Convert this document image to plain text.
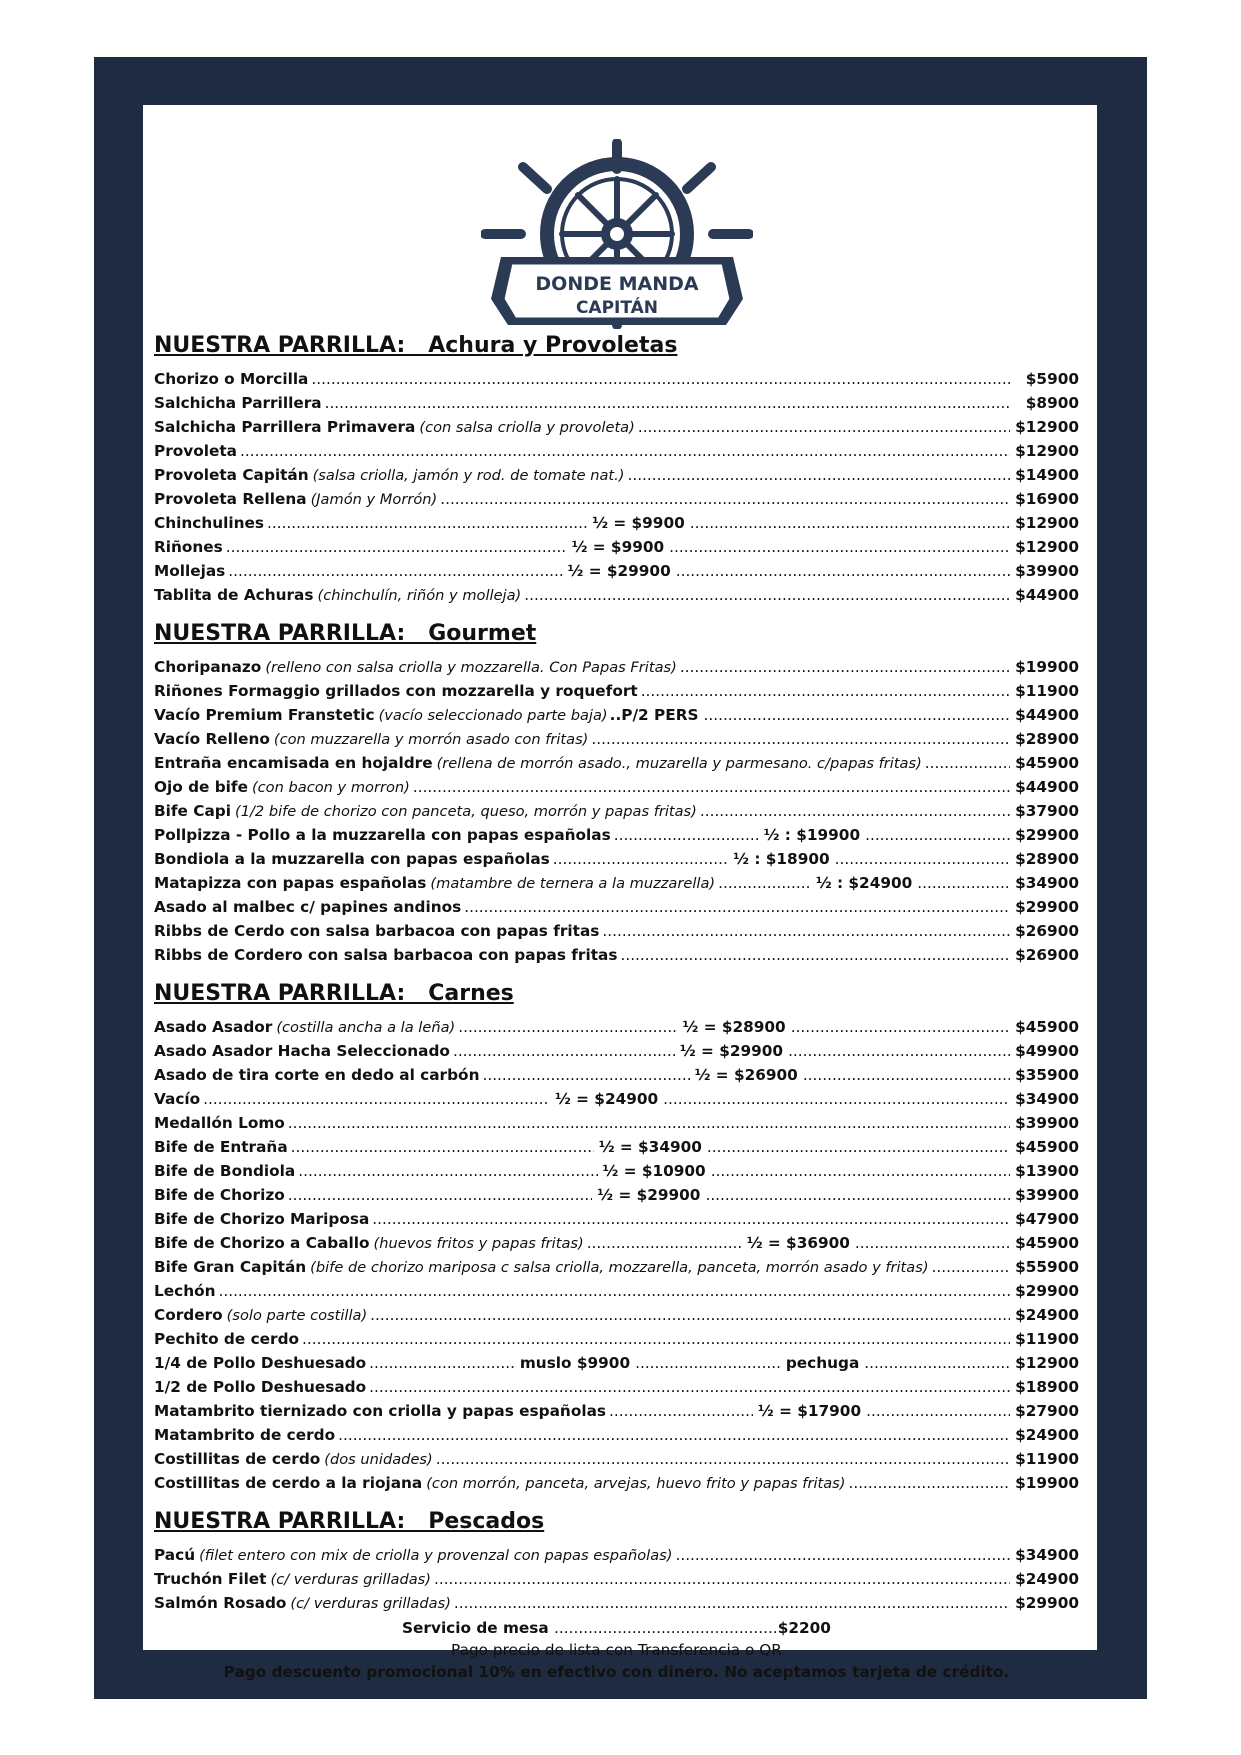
DONDE MANDA
CAPITÁN
NUESTRA PARRILLA:   Achura y Provoletas
Chorizo o Morcilla .....	$5900
Salchicha Parrillera .....	$8900
Salchicha Parrillera Primavera (con salsa criolla y provoleta) .....	$12900
Provoleta .....	$12900
Provoleta Capitán (salsa criolla, jamón y rod. de tomate nat.) .....	$14900
Provoleta Rellena (Jamón y Morrón) .....	$16900
Chinchulines .....	½ = $9900 .....	$12900
Riñones .....	½ = $9900 .....	$12900
Mollejas .....	½ = $29900 .....	$39900
Tablita de Achuras (chinchulín, riñón y molleja) .....	$44900
NUESTRA PARRILLA:   Gourmet
Choripanazo (relleno con salsa criolla y mozzarella. Con Papas Fritas) .....	$19900
Riñones Formaggio grillados con mozzarella y roquefort .....	$11900
Vacío Premium Franstetic (vacío seleccionado parte baja) ..P/2 PERS .....	$44900
Vacío Relleno (con muzzarella y morrón asado con fritas) .....	$28900
Entraña encamisada en hojaldre (rellena de morrón asado., muzarella y parmesano. c/papas fritas) .....	$45900
Ojo de bife (con bacon y morron) .....	$44900
Bife Capi (1/2 bife de chorizo con panceta, queso, morrón y papas fritas) .....	$37900
Pollpizza - Pollo a la muzzarella con papas españolas .....	½ : $19900 .....	$29900
Bondiola a la muzzarella con papas españolas .....	½ : $18900 .....	$28900
Matapizza con papas españolas (matambre de ternera a la muzzarella) .....	½ : $24900 .....	$34900
Asado al malbec c/ papines andinos .....	$29900
Ribbs de Cerdo con salsa barbacoa con papas fritas .....	$26900
Ribbs de Cordero con salsa barbacoa con papas fritas .....	$26900
NUESTRA PARRILLA:   Carnes
Asado Asador (costilla ancha a la leña) .....	½ = $28900 .....	$45900
Asado Asador Hacha Seleccionado .....	½ = $29900 .....	$49900
Asado de tira corte en dedo al carbón .....	½ = $26900 .....	$35900
Vacío .....	½ = $24900 .....	$34900
Medallón Lomo .....	$39900
Bife de Entraña .....	½ = $34900 .....	$45900
Bife de Bondiola .....	½ = $10900 .....	$13900
Bife de Chorizo .....	½ = $29900 .....	$39900
Bife de Chorizo Mariposa .....	$47900
Bife de Chorizo a Caballo (huevos fritos y papas fritas) .....	½ = $36900 .....	$45900
Bife Gran Capitán (bife de chorizo mariposa c salsa criolla, mozzarella, panceta, morrón asado y fritas) .....	$55900
Lechón .....	$29900
Cordero (solo parte costilla) .....	$24900
Pechito de cerdo .....	$11900
1/4 de Pollo Deshuesado .....	muslo $9900 .....	pechuga .....	$12900
1/2 de Pollo Deshuesado .....	$18900
Matambrito tiernizado con criolla y papas españolas .....	½ = $17900 .....	$27900
Matambrito de cerdo .....	$24900
Costillitas de cerdo (dos unidades) .....	$11900
Costillitas de cerdo a la riojana (con morrón, panceta, arvejas, huevo frito y papas fritas) .....	$19900
NUESTRA PARRILLA:   Pescados
Pacú (filet entero con mix de criolla y provenzal con papas españolas) .....	$34900
Truchón Filet (c/ verduras grilladas) .....	$24900
Salmón Rosado (c/ verduras grilladas) .....	$29900
Servicio de mesa ..............................................$2200
Pago precio de lista con Transferencia o QR
Pago descuento promocional 10% en efectivo con dinero. No aceptamos tarjeta de crédito.
